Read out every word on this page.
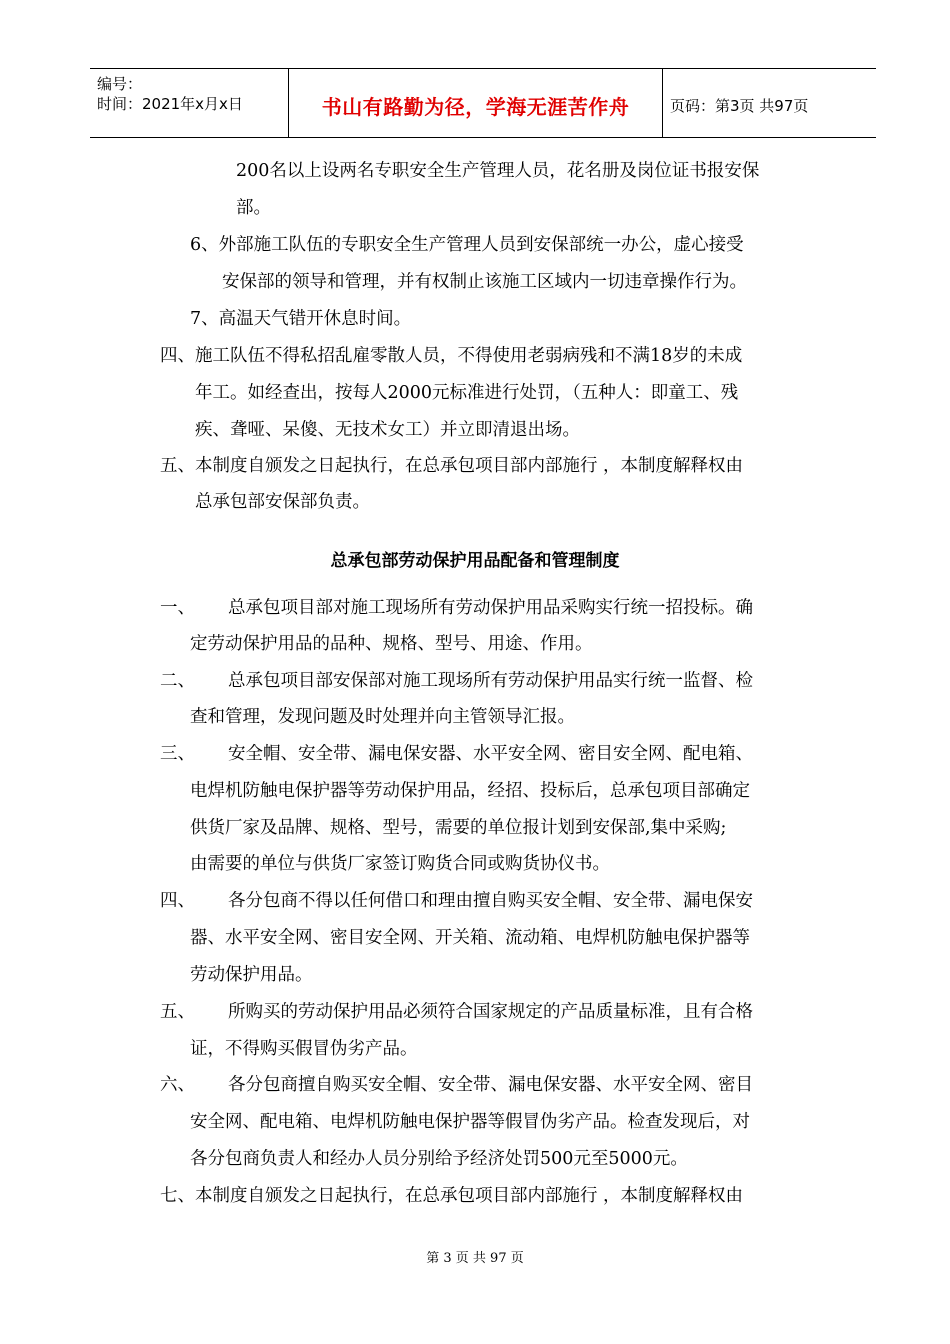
编号：
时间：2021年x月x日	书山有路勤为径，学海无涯苦作舟	页码：第3页 共97页
200名以上设两名专职安全生产管理人员，花名册及岗位证书报安保
部。
6、外部施工队伍的专职安全生产管理人员到安保部统一办公，虚心接受
安保部的领导和管理，并有权制止该施工区域内一切违章操作行为。
7、高温天气错开休息时间。
四、施工队伍不得私招乱雇零散人员，不得使用老弱病残和不满18岁的未成
年工。如经查出，按每人2000元标准进行处罚，（五种人：即童工、残
疾、聋哑、呆傻、无技术女工）并立即清退出场。
五、本制度自颁发之日起执行，在总承包项目部内部施行 ，本制度解释权由
总承包部安保部负责。
总承包部劳动保护用品配备和管理制度
一、 总承包项目部对施工现场所有劳动保护用品采购实行统一招投标。确
定劳动保护用品的品种、规格、型号、用途、作用。
二、 总承包项目部安保部对施工现场所有劳动保护用品实行统一监督、检
查和管理，发现问题及时处理并向主管领导汇报。
三、 安全帽、安全带、漏电保安器、水平安全网、密目安全网、配电箱、
电焊机防触电保护器等劳动保护用品，经招、投标后，总承包项目部确定
供货厂家及品牌、规格、型号，需要的单位报计划到安保部,集中采购;
由需要的单位与供货厂家签订购货合同或购货协仪书。
四、 各分包商不得以任何借口和理由擅自购买安全帽、安全带、漏电保安
器、水平安全网、密目安全网、开关箱、流动箱、电焊机防触电保护器等
劳动保护用品。
五、 所购买的劳动保护用品必须符合国家规定的产品质量标准，且有合格
证，不得购买假冒伪劣产品。
六、 各分包商擅自购买安全帽、安全带、漏电保安器、水平安全网、密目
安全网、配电箱、电焊机防触电保护器等假冒伪劣产品。检查发现后，对
各分包商负责人和经办人员分别给予经济处罚500元至5000元。
七、本制度自颁发之日起执行，在总承包项目部内部施行 ，本制度解释权由
第 3 页 共 97 页
